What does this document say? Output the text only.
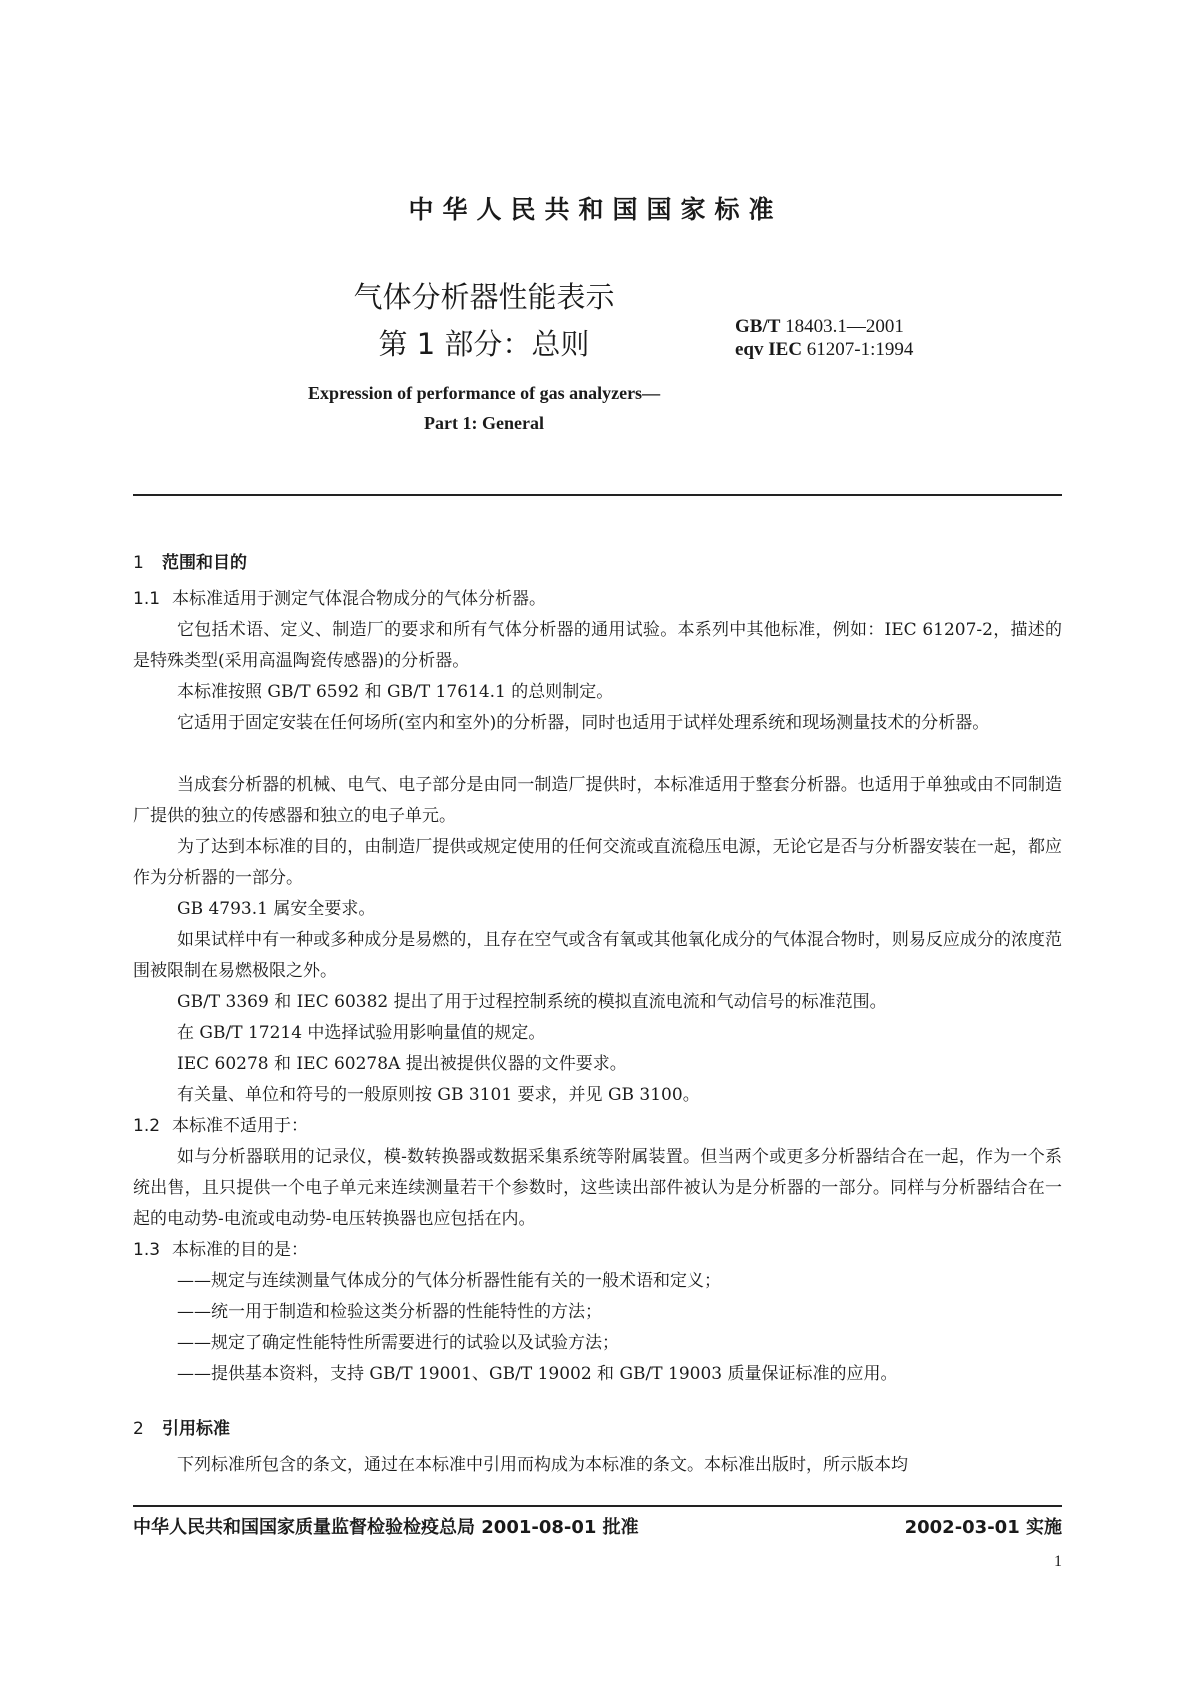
中华人民共和国国家标准
气体分析器性能表示
第 1 部分：总则
GB/T 18403.1—2001
eqv IEC 61207-1:1994
Expression of performance of gas analyzers—
Part 1: General
1 范围和目的
1.1 本标准适用于测定气体混合物成分的气体分析器。
它包括术语、定义、制造厂的要求和所有气体分析器的通用试验。本系列中其他标准，例如：IEC 61207-2，描述的是特殊类型(采用高温陶瓷传感器)的分析器。
本标准按照 GB/T 6592 和 GB/T 17614.1 的总则制定。
它适用于固定安装在任何场所(室内和室外)的分析器，同时也适用于试样处理系统和现场测量技术的分析器。
当成套分析器的机械、电气、电子部分是由同一制造厂提供时，本标准适用于整套分析器。也适用于单独或由不同制造厂提供的独立的传感器和独立的电子单元。
为了达到本标准的目的，由制造厂提供或规定使用的任何交流或直流稳压电源，无论它是否与分析器安装在一起，都应作为分析器的一部分。
GB 4793.1 属安全要求。
如果试样中有一种或多种成分是易燃的，且存在空气或含有氧或其他氧化成分的气体混合物时，则易反应成分的浓度范围被限制在易燃极限之外。
GB/T 3369 和 IEC 60382 提出了用于过程控制系统的模拟直流电流和气动信号的标准范围。
在 GB/T 17214 中选择试验用影响量值的规定。
IEC 60278 和 IEC 60278A 提出被提供仪器的文件要求。
有关量、单位和符号的一般原则按 GB 3101 要求，并见 GB 3100。
1.2 本标准不适用于：
如与分析器联用的记录仪，模-数转换器或数据采集系统等附属装置。但当两个或更多分析器结合在一起，作为一个系统出售，且只提供一个电子单元来连续测量若干个参数时，这些读出部件被认为是分析器的一部分。同样与分析器结合在一起的电动势-电流或电动势-电压转换器也应包括在内。
1.3 本标准的目的是：
——规定与连续测量气体成分的气体分析器性能有关的一般术语和定义；
——统一用于制造和检验这类分析器的性能特性的方法；
——规定了确定性能特性所需要进行的试验以及试验方法；
——提供基本资料，支持 GB/T 19001、GB/T 19002 和 GB/T 19003 质量保证标准的应用。
2 引用标准
下列标准所包含的条文，通过在本标准中引用而构成为本标准的条文。本标准出版时，所示版本均
中华人民共和国国家质量监督检验检疫总局 2001-08-01 批准	2002-03-01 实施
1
